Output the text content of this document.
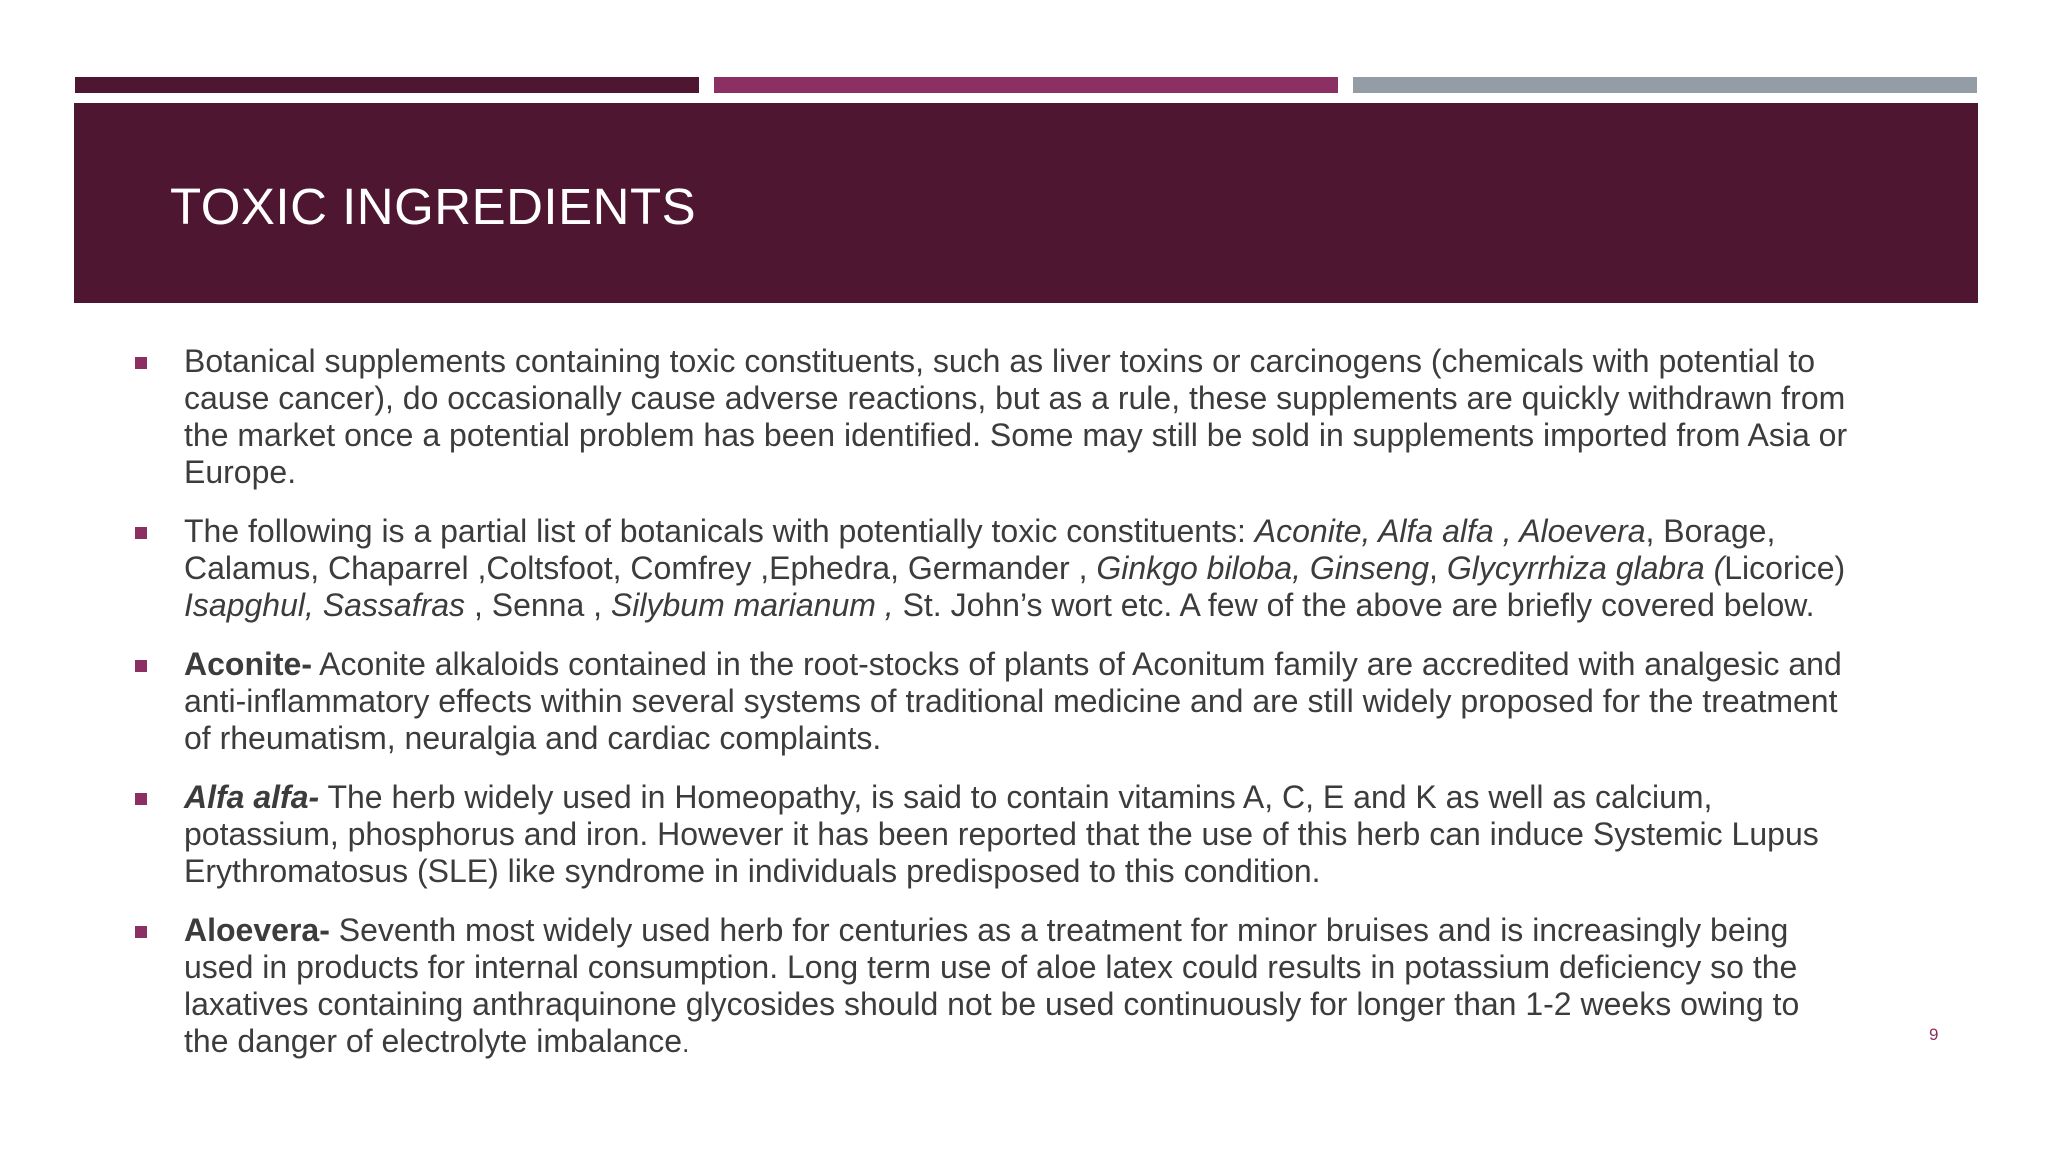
TOXIC INGREDIENTS
Botanical supplements containing toxic constituents, such as liver toxins or carcinogens (chemicals with potential to cause cancer), do occasionally cause adverse reactions, but as a rule, these supplements are quickly withdrawn from the market once a potential problem has been identified. Some may still be sold in supplements imported from Asia or Europe.
The following is a partial list of botanicals with potentially toxic constituents: Aconite, Alfa alfa , Aloevera, Borage, Calamus, Chaparrel ,Coltsfoot, Comfrey ,Ephedra, Germander , Ginkgo biloba, Ginseng, Glycyrrhiza glabra (Licorice) Isapghul, Sassafras , Senna , Silybum marianum , St. John’s wort etc. A few of the above are briefly covered below.
Aconite- Aconite alkaloids contained in the root-stocks of plants of Aconitum family are accredited with analgesic and anti-inflammatory effects within several systems of traditional medicine and are still widely proposed for the treatment of rheumatism, neuralgia and cardiac complaints.
Alfa alfa- The herb widely used in Homeopathy, is said to contain vitamins A, C, E and K as well as calcium, potassium, phosphorus and iron. However it has been reported that the use of this herb can induce Systemic Lupus Erythromatosus (SLE) like syndrome in individuals predisposed to this condition.
Aloevera- Seventh most widely used herb for centuries as a treatment for minor bruises and is increasingly being used in products for internal consumption. Long term use of aloe latex could results in potassium deficiency so the laxatives containing anthraquinone glycosides should not be used continuously for longer than 1-2 weeks owing to the danger of electrolyte imbalance.	9
